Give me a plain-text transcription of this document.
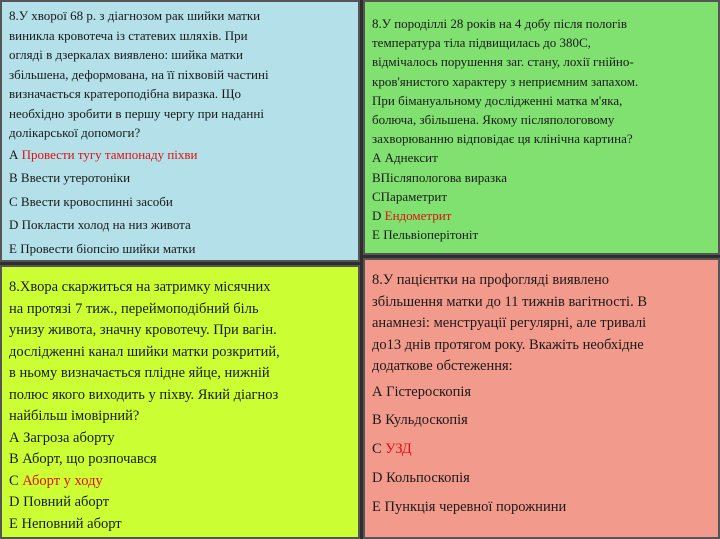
8.У хворої 68 р. з діагнозом рак шийки матки
виникла кровотеча із статевих шляхів. При
огляді в дзеркалах виявлено: шийка матки
збільшена, деформована, на її пiхвовій частині
визначається кратероподібна виразка. Що
необхідно зробити в першу чергу при наданні
долікарської допомоги?

А Провести тугу тампонаду піхви
В Ввести утеротоніки
С Ввести кровоспинні засоби
D Покласти холод на низ живота
Е Провести біопсію шийки матки

8.У породіллі 28 років на 4 добу після пологів
температура тіла підвищилась до 380С,
відмічалось порушення заг. стану, лохії гнійно-
кров'янистого характеру з неприємним запахом.
При бімануальному дослідженні матка м'яка,
болюча, збільшена. Якому післяпологовому
захворюванню відповідає ця клінічна картина?

А Аднексит
ВПісляпологова виразка
СПараметрит
D Ендометрит
Е Пельвіоперітоніт

8.Хвора скаржиться на затримку місячних
на протязі 7 тиж., переймоподібний біль
унизу живота, значну кровотечу. При вагін.
дослідженні канал шийки матки розкритий,
в ньому визначається плідне яйце, нижній
полюс якого виходить у піхву. Який діагноз
найбільш імовірний?

А Загроза аборту
В Аборт, що розпочався
С Аборт у ходу
D Повний аборт
Е Неповний аборт

8.У пацієнтки на профогляді виявлено
збільшення матки до 11 тижнів вагітності. В
анамнезі: менструації регулярні, але тривалі
до13 днів протягом року. Вкажіть необхідне
додаткове обстеження:

А Гістероскопія
В Кульдоскопія
С УЗД
D Кольпоскопія
Е Пункція черевної порожнини
